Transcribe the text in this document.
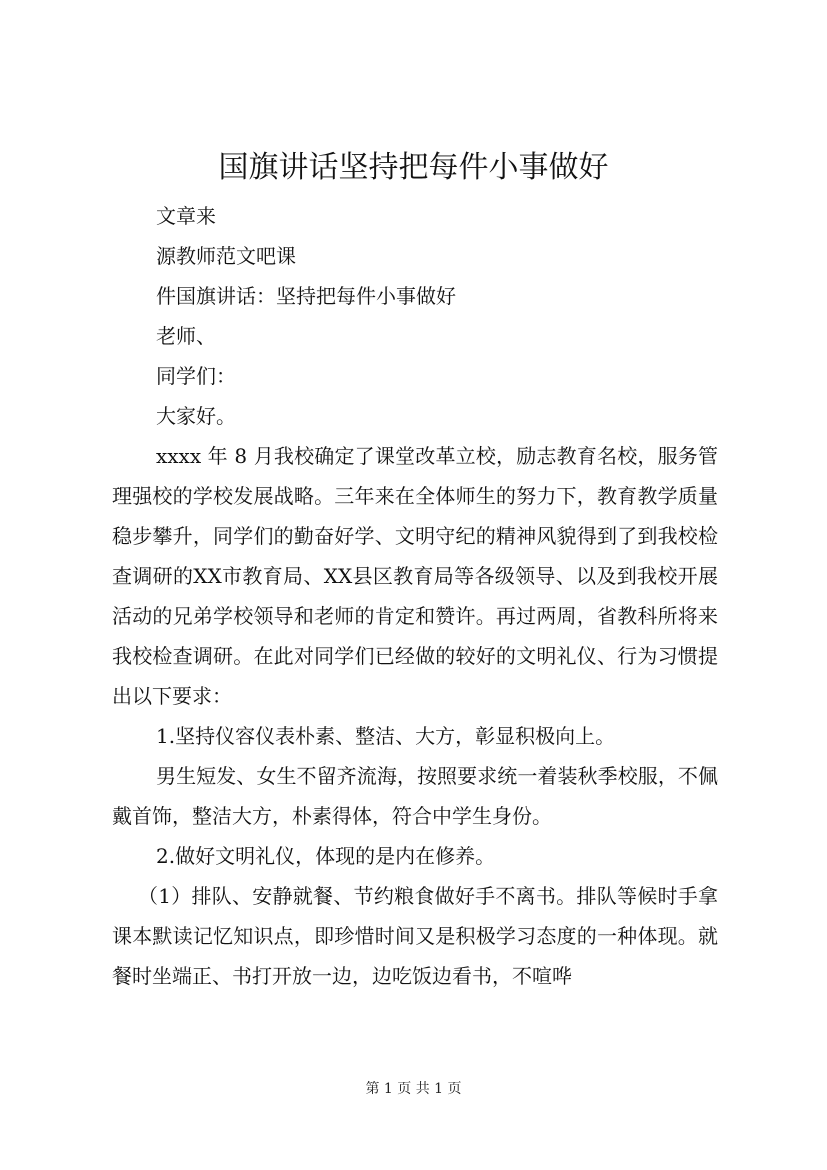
国旗讲话坚持把每件小事做好

文章来

源教师范文吧课

件国旗讲话：坚持把每件小事做好

老师、

同学们：

大家好。

xxxx 年 8 月我校确定了课堂改革立校，励志教育名校，服务管理强校的学校发展战略。三年来在全体师生的努力下，教育教学质量稳步攀升，同学们的勤奋好学、文明守纪的精神风貌得到了到我校检查调研的XX市教育局、XX县区教育局等各级领导、以及到我校开展活动的兄弟学校领导和老师的肯定和赞许。再过两周，省教科所将来我校检查调研。在此对同学们已经做的较好的文明礼仪、行为习惯提出以下要求：

1.坚持仪容仪表朴素、整洁、大方，彰显积极向上。

男生短发、女生不留齐流海，按照要求统一着装秋季校服，不佩戴首饰，整洁大方，朴素得体，符合中学生身份。

2.做好文明礼仪，体现的是内在修养。

（1）排队、安静就餐、节约粮食做好手不离书。排队等候时手拿课本默读记忆知识点，即珍惜时间又是积极学习态度的一种体现。就餐时坐端正、书打开放一边，边吃饭边看书，不喧哗

第 1 页 共 1 页
